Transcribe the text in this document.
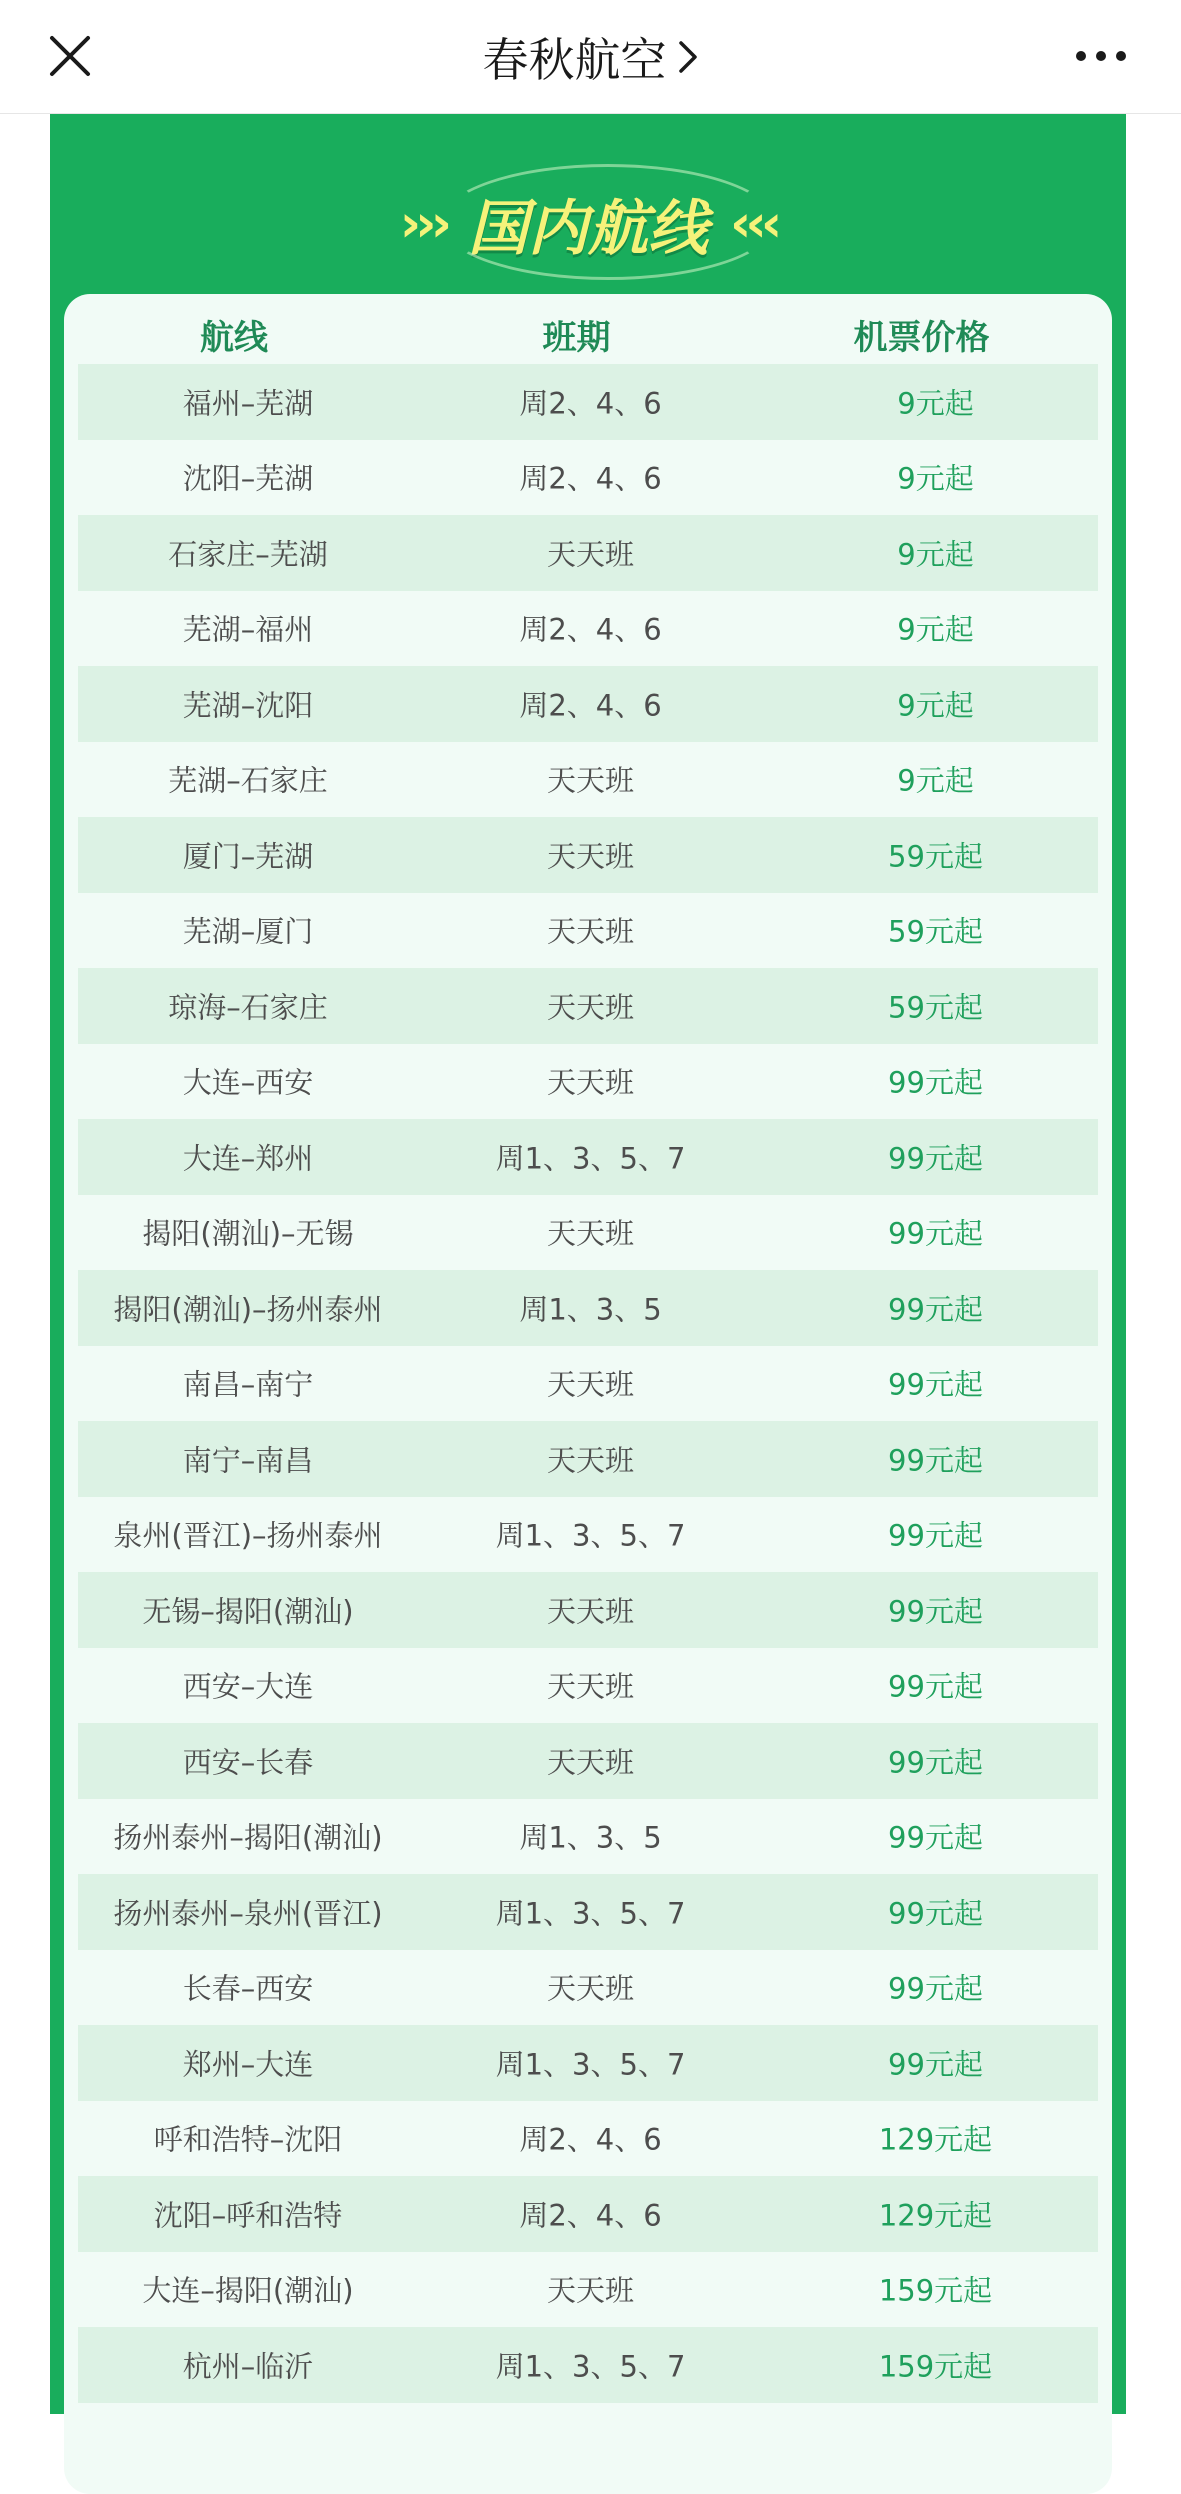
春秋航空
››› 国内航线 ‹‹‹
航线	班期	机票价格
福州–芜湖	周2、4、6	9元起
沈阳–芜湖	周2、4、6	9元起
石家庄–芜湖	天天班	9元起
芜湖–福州	周2、4、6	9元起
芜湖–沈阳	周2、4、6	9元起
芜湖–石家庄	天天班	9元起
厦门–芜湖	天天班	59元起
芜湖–厦门	天天班	59元起
琼海–石家庄	天天班	59元起
大连–西安	天天班	99元起
大连–郑州	周1、3、5、7	99元起
揭阳(潮汕)–无锡	天天班	99元起
揭阳(潮汕)–扬州泰州	周1、3、5	99元起
南昌–南宁	天天班	99元起
南宁–南昌	天天班	99元起
泉州(晋江)–扬州泰州	周1、3、5、7	99元起
无锡–揭阳(潮汕)	天天班	99元起
西安–大连	天天班	99元起
西安–长春	天天班	99元起
扬州泰州–揭阳(潮汕)	周1、3、5	99元起
扬州泰州–泉州(晋江)	周1、3、5、7	99元起
长春–西安	天天班	99元起
郑州–大连	周1、3、5、7	99元起
呼和浩特–沈阳	周2、4、6	129元起
沈阳–呼和浩特	周2、4、6	129元起
大连–揭阳(潮汕)	天天班	159元起
杭州–临沂	周1、3、5、7	159元起
